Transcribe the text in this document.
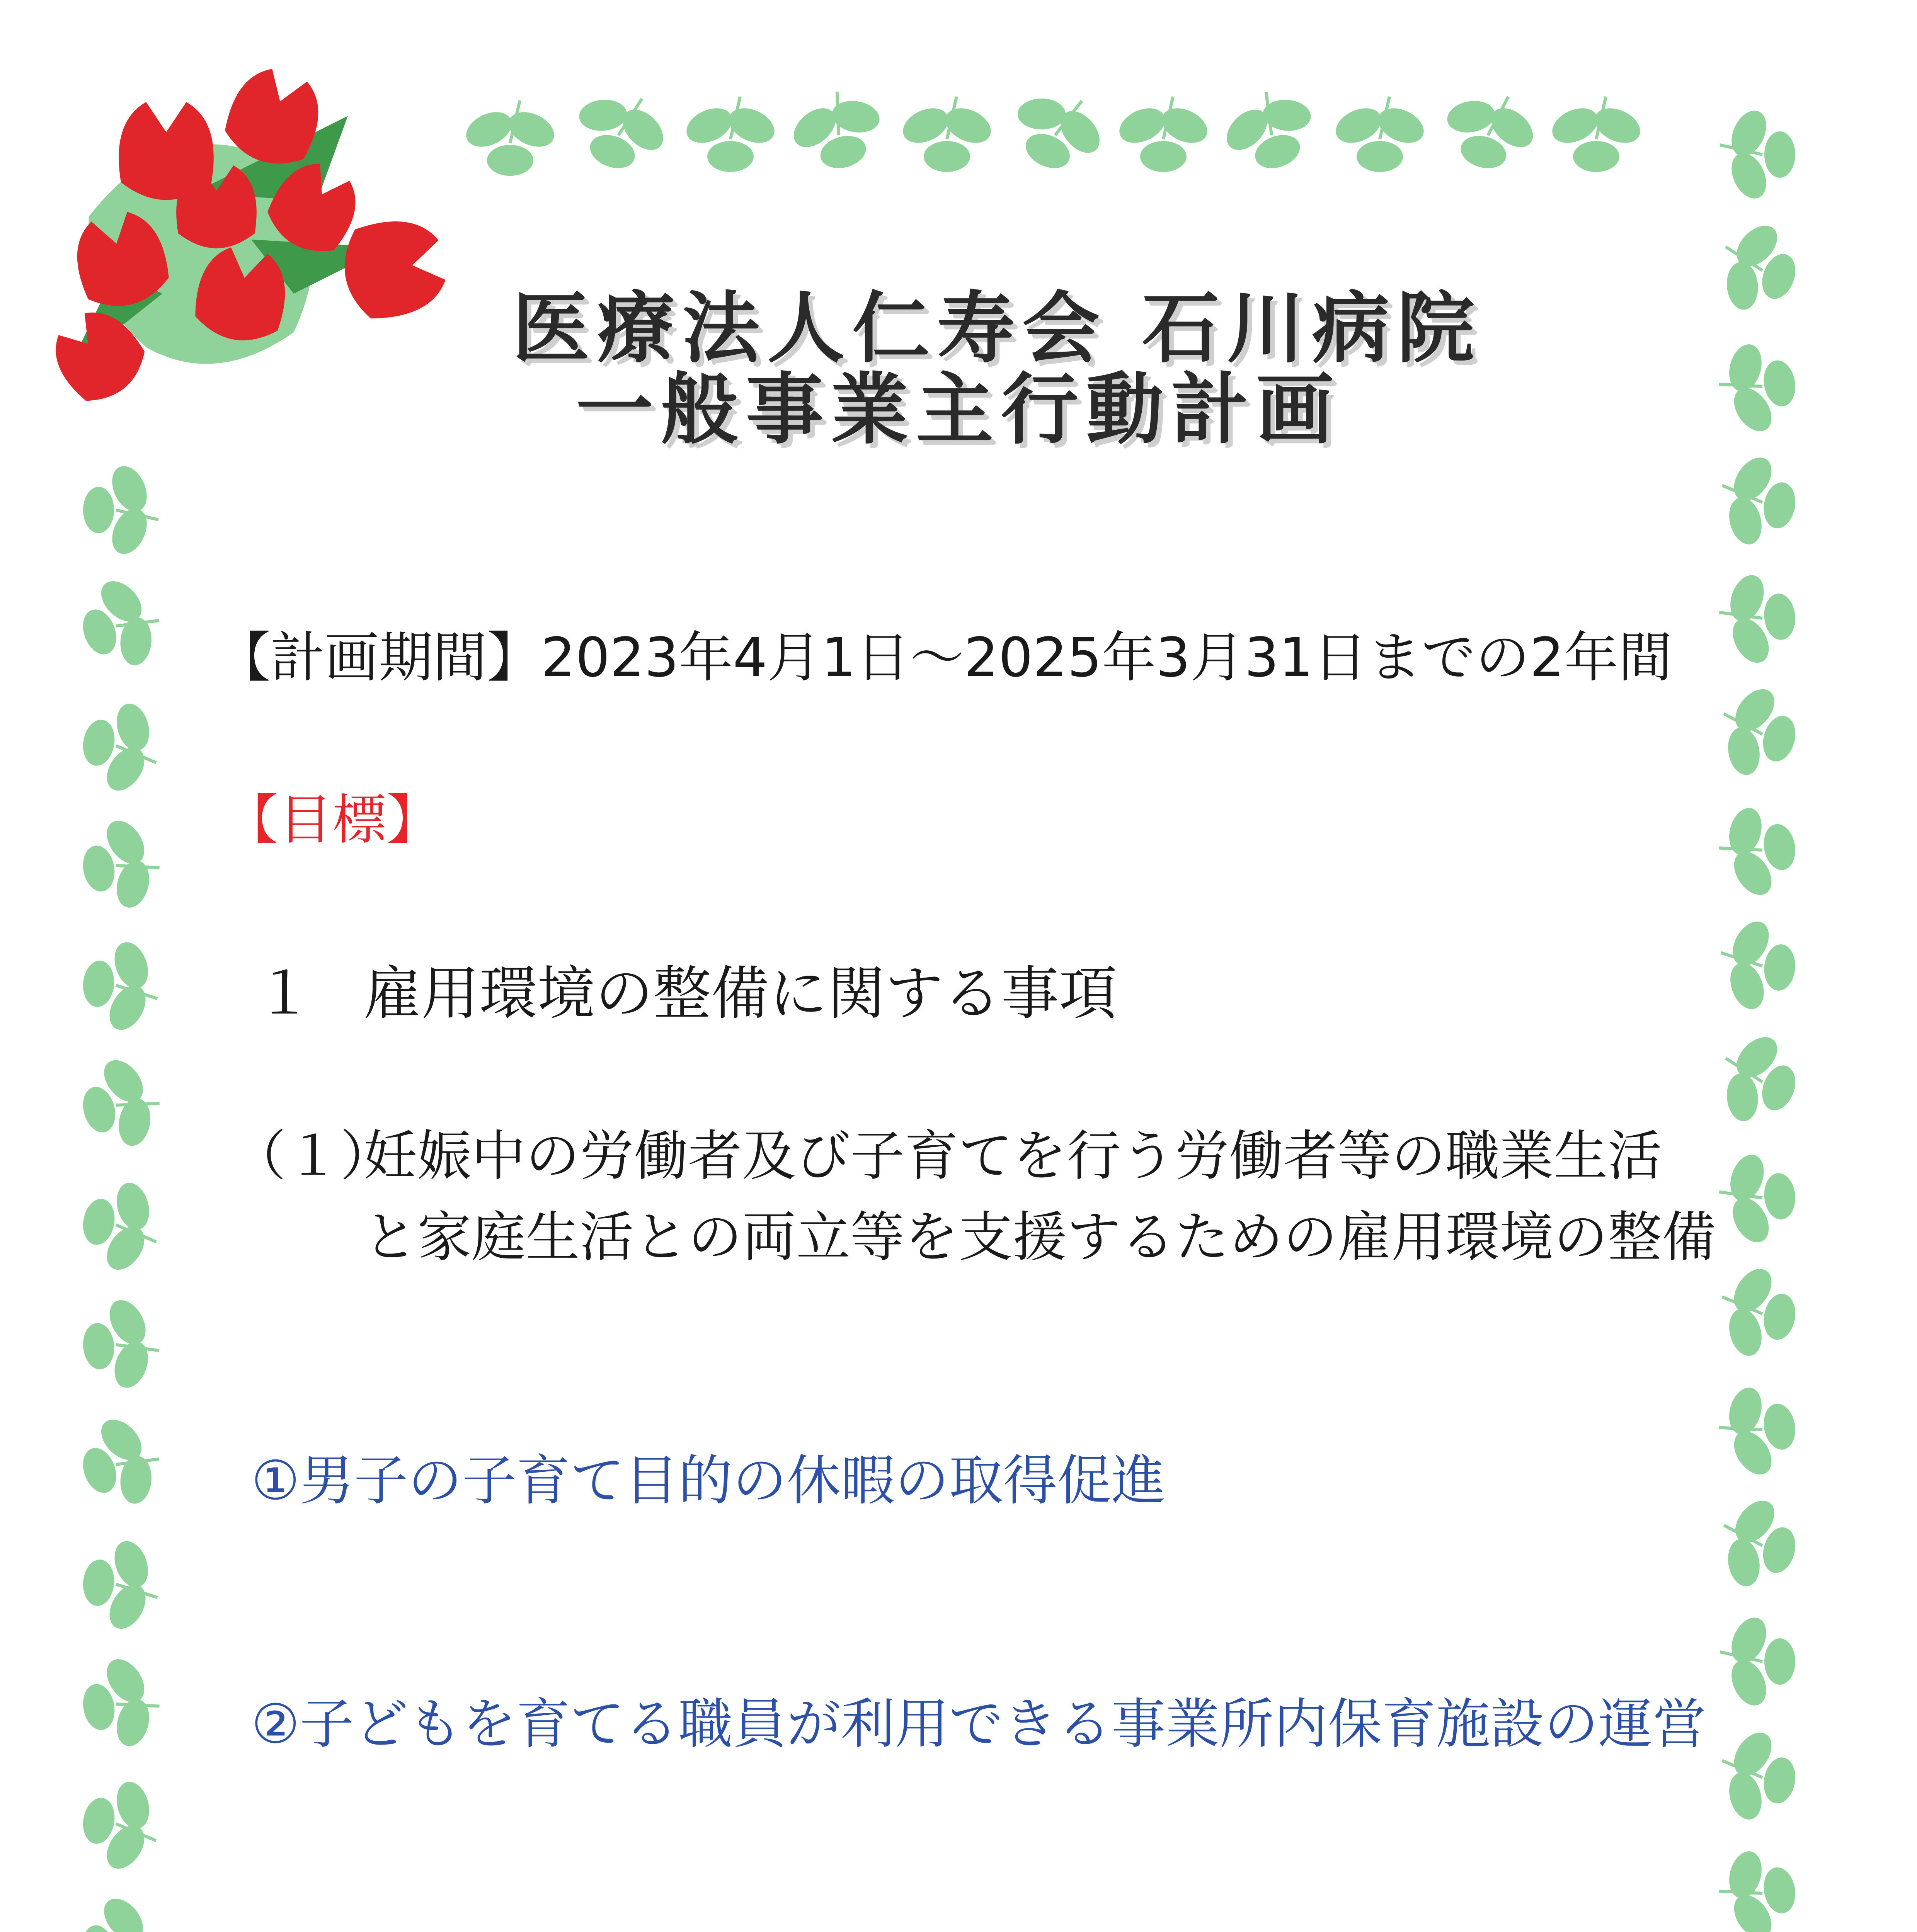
医療法人仁寿会 石川病院
一般事業主行動計画
【計画期間】2023年4月1日～2025年3月31日までの2年間
【目標】
１ 雇用環境の整備に関する事項
（１）
妊娠中の労働者及び子育てを行う労働者等の職業生活
と家庭生活との両立等を支援するための雇用環境の整備
①男子の子育て目的の休暇の取得促進
②子どもを育てる職員が利用できる事業所内保育施設の運営
